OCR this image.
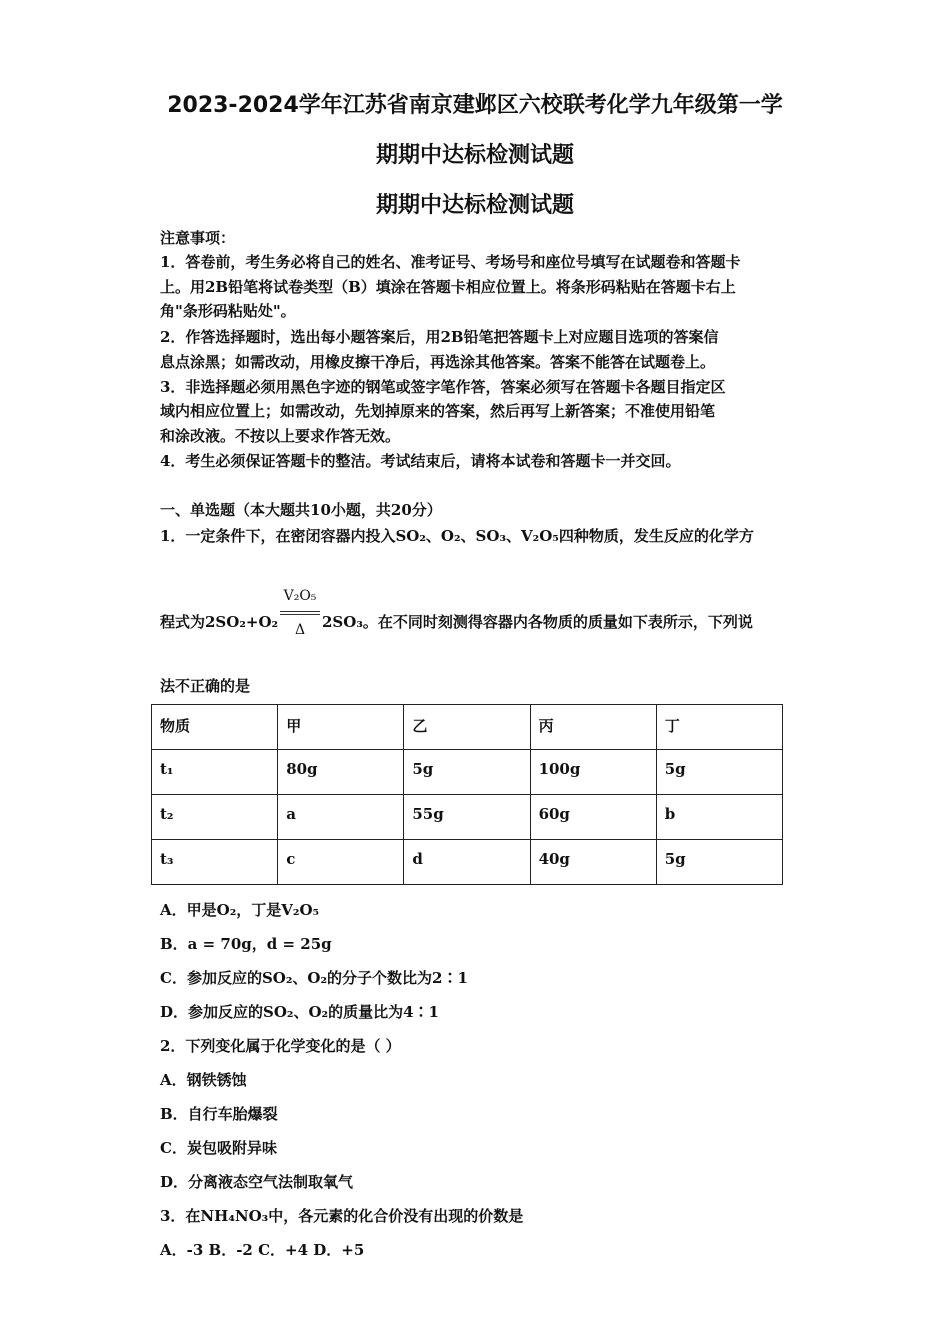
2023-2024学年江苏省南京建邺区六校联考化学九年级第一学
期期中达标检测试题
期期中达标检测试题
注意事项：
1．答卷前，考生务必将自己的姓名、准考证号、考场号和座位号填写在试题卷和答题卡
上。用2B铅笔将试卷类型（B）填涂在答题卡相应位置上。将条形码粘贴在答题卡右上
角"条形码粘贴处"。
2．作答选择题时，选出每小题答案后，用2B铅笔把答题卡上对应题目选项的答案信
息点涂黑；如需改动，用橡皮擦干净后，再选涂其他答案。答案不能答在试题卷上。
3．非选择题必须用黑色字迹的钢笔或签字笔作答，答案必须写在答题卡各题目指定区
域内相应位置上；如需改动，先划掉原来的答案，然后再写上新答案；不准使用铅笔
和涂改液。不按以上要求作答无效。
4．考生必须保证答题卡的整洁。考试结束后，请将本试卷和答题卡一并交回。
一、单选题（本大题共10小题，共20分）
1．一定条件下，在密闭容器内投入SO₂、O₂、SO₃、V₂O₅四种物质，发生反应的化学方
程式为2SO₂+O₂
V₂O₅
Δ	2SO₃。在不同时刻测得容器内各物质的质量如下表所示，下列说
法不正确的是
物质	甲	乙	丙	丁
t₁	80g	5g	100g	5g
t₂	a	55g	60g	b
t₃	c	d	40g	5g
A．甲是O₂，丁是V₂O₅
B．a = 70g，d = 25g
C．参加反应的SO₂、O₂的分子个数比为2∶1
D．参加反应的SO₂、O₂的质量比为4∶1
2．下列变化属于化学变化的是（ ）
A．钢铁锈蚀
B．自行车胎爆裂
C．炭包吸附异味
D．分离液态空气法制取氧气
3．在NH₄NO₃中，各元素的化合价没有出现的价数是
A．-3 B．-2 C．+4 D．+5
